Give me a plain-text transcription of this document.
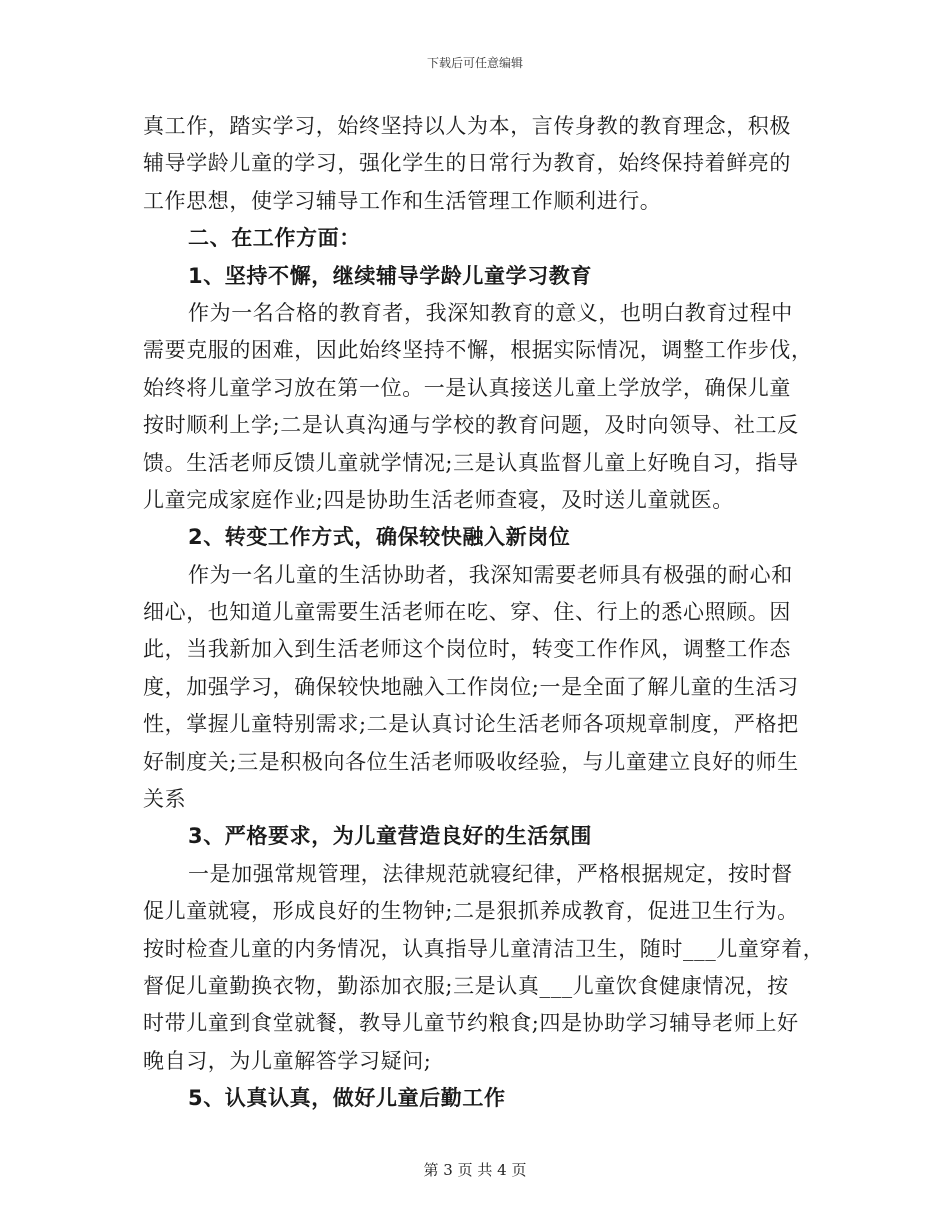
下载后可任意编辑
真工作，踏实学习，始终坚持以人为本，言传身教的教育理念，积极
辅导学龄儿童的学习，强化学生的日常行为教育，始终保持着鲜亮的
工作思想，使学习辅导工作和生活管理工作顺利进行。
二、在工作方面：
1、坚持不懈，继续辅导学龄儿童学习教育
作为一名合格的教育者，我深知教育的意义，也明白教育过程中
需要克服的困难，因此始终坚持不懈，根据实际情况，调整工作步伐，
始终将儿童学习放在第一位。一是认真接送儿童上学放学，确保儿童
按时顺利上学;二是认真沟通与学校的教育问题，及时向领导、社工反
馈。生活老师反馈儿童就学情况;三是认真监督儿童上好晚自习，指导
儿童完成家庭作业;四是协助生活老师查寝，及时送儿童就医。
2、转变工作方式，确保较快融入新岗位
作为一名儿童的生活协助者，我深知需要老师具有极强的耐心和
细心，也知道儿童需要生活老师在吃、穿、住、行上的悉心照顾。因
此，当我新加入到生活老师这个岗位时，转变工作作风，调整工作态
度，加强学习，确保较快地融入工作岗位;一是全面了解儿童的生活习
性，掌握儿童特别需求;二是认真讨论生活老师各项规章制度，严格把
好制度关;三是积极向各位生活老师吸收经验，与儿童建立良好的师生
关系
3、严格要求，为儿童营造良好的生活氛围
一是加强常规管理，法律规范就寝纪律，严格根据规定，按时督
促儿童就寝，形成良好的生物钟;二是狠抓养成教育，促进卫生行为。
按时检查儿童的内务情况，认真指导儿童清洁卫生，随时___儿童穿着，
督促儿童勤换衣物，勤添加衣服;三是认真___儿童饮食健康情况，按
时带儿童到食堂就餐，教导儿童节约粮食;四是协助学习辅导老师上好
晚自习，为儿童解答学习疑问;
5、认真认真，做好儿童后勤工作
第 3 页 共 4 页
